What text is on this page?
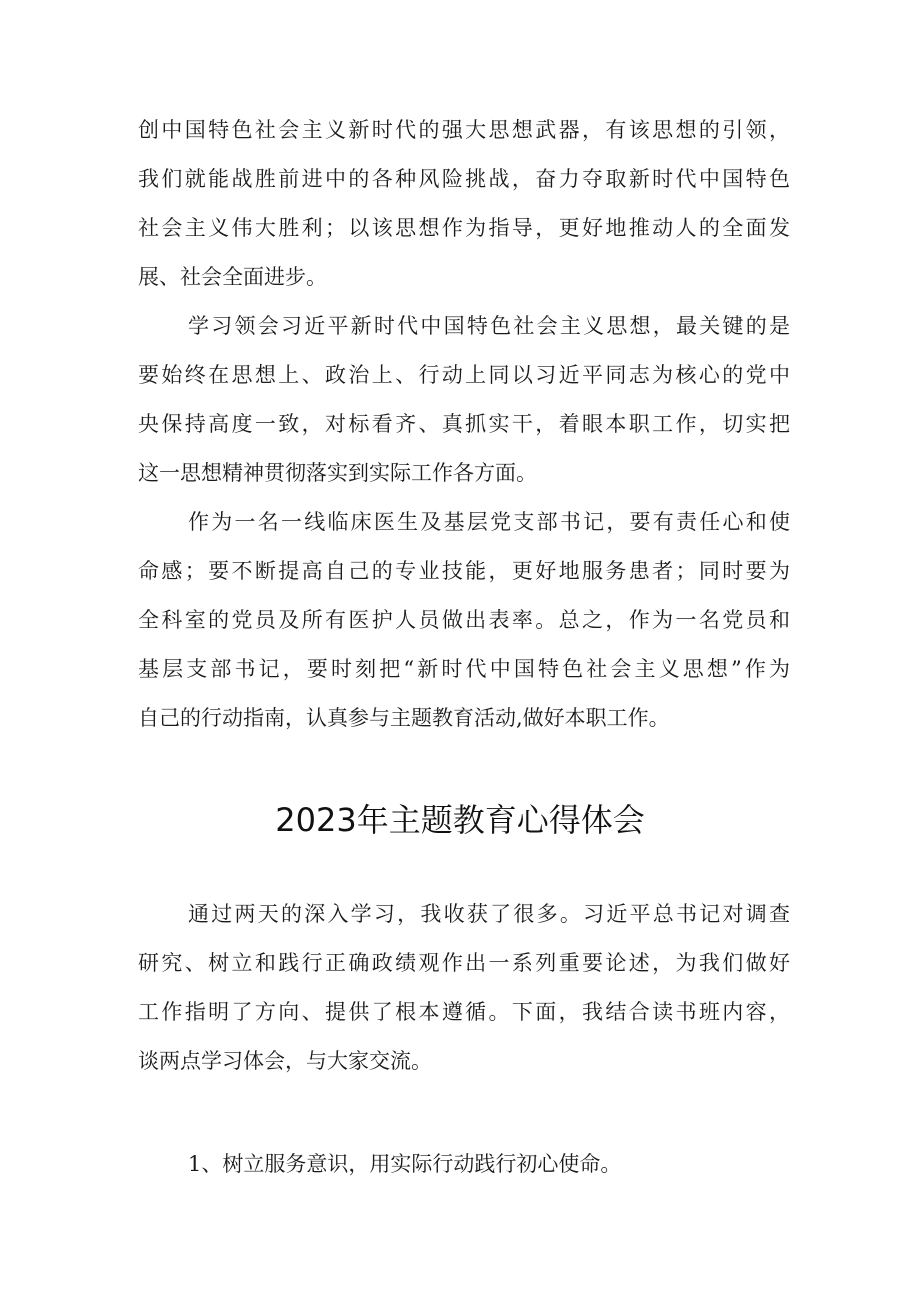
创中国特色社会主义新时代的强大思想武器，有该思想的引领，
我们就能战胜前进中的各种风险挑战，奋力夺取新时代中国特色
社会主义伟大胜利；以该思想作为指导，更好地推动人的全面发
展、社会全面进步。
学习领会习近平新时代中国特色社会主义思想，最关键的是
要始终在思想上、政治上、行动上同以习近平同志为核心的党中
央保持高度一致，对标看齐、真抓实干，着眼本职工作，切实把
这一思想精神贯彻落实到实际工作各方面。
作为一名一线临床医生及基层党支部书记，要有责任心和使
命感；要不断提高自己的专业技能，更好地服务患者；同时要为
全科室的党员及所有医护人员做出表率。总之，作为一名党员和
基层支部书记，要时刻把“新时代中国特色社会主义思想”作为
自己的行动指南，认真参与主题教育活动,做好本职工作。
2023年主题教育心得体会
通过两天的深入学习，我收获了很多。习近平总书记对调查
研究、树立和践行正确政绩观作出一系列重要论述，为我们做好
工作指明了方向、提供了根本遵循。下面，我结合读书班内容，
谈两点学习体会，与大家交流。
1、树立服务意识，用实际行动践行初心使命。
